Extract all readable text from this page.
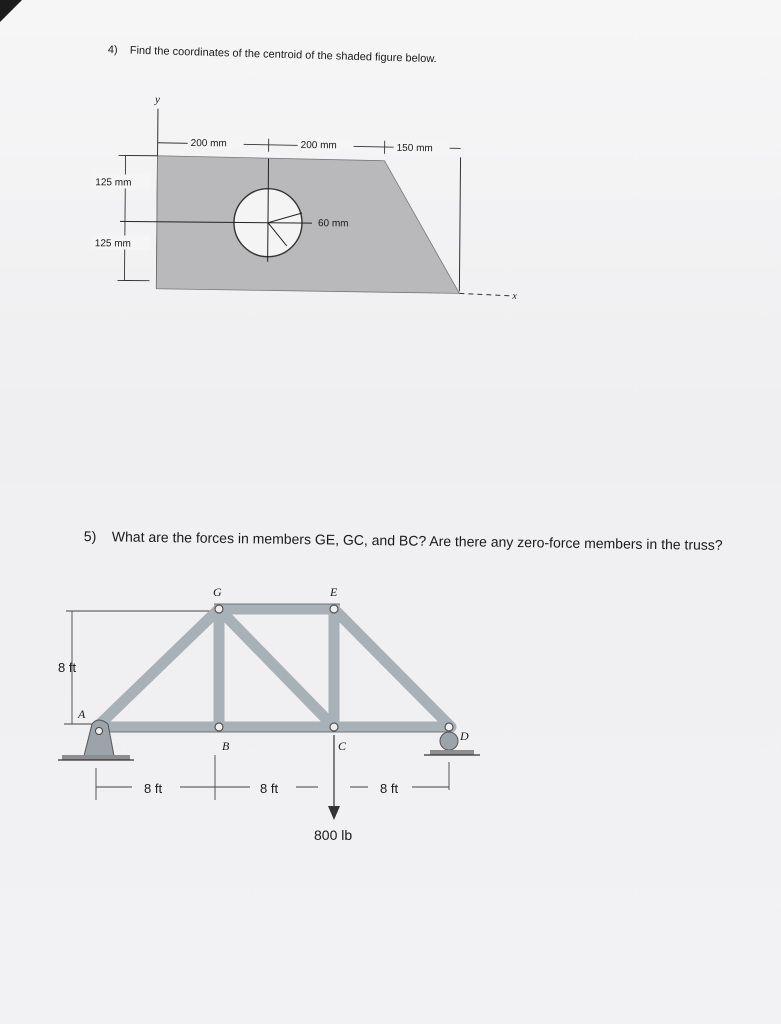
4) Find the coordinates of the centroid of the shaded figure below.
y
60 mm
x
200 mm	200 mm	150 mm
125 mm
125 mm
8 ft
G	E
A
B	C
D
8 ft	8 ft	8 ft
800 lb
5) What are the forces in members GE, GC, and BC? Are there any zero-force members in the truss?
